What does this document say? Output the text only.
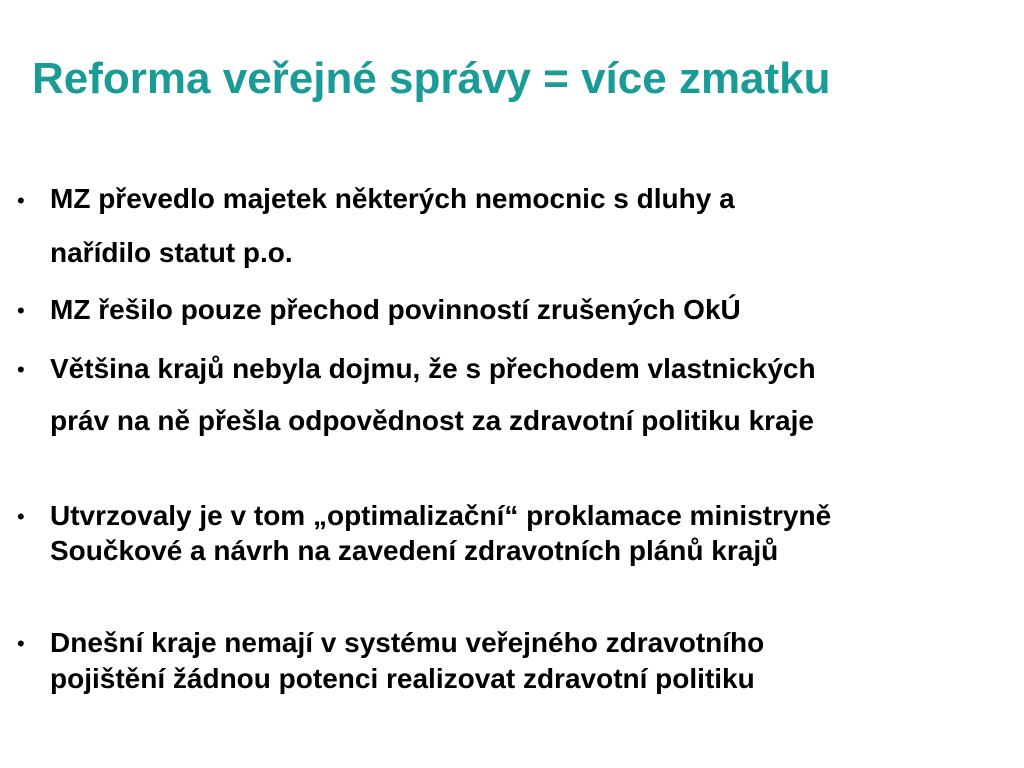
Reforma veřejné správy = více zmatku
• MZ převedlo majetek některých nemocnic s dluhy a
nařídilo statut p.o.
• MZ řešilo pouze přechod povinností zrušených OkÚ
• Většina krajů nebyla dojmu, že s přechodem vlastnických
práv na ně přešla odpovědnost za zdravotní politiku kraje
• Utvrzovaly je v tom „optimalizační“ proklamace ministryně
Součkové a návrh na zavedení zdravotních plánů krajů
• Dnešní kraje nemají v systému veřejného zdravotního
pojištění žádnou potenci realizovat zdravotní politiku
